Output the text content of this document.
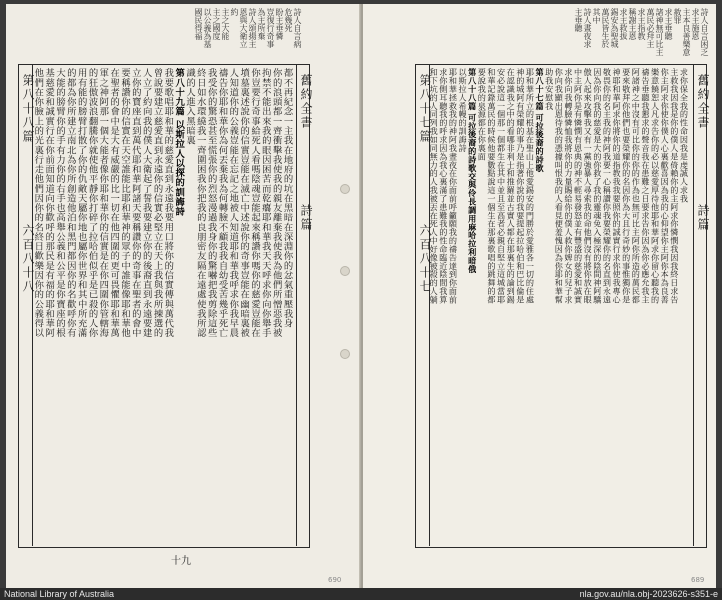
舊約全書
詩篇
第八十八篇
六百八十八	都不再紀念一主我在地府的坑在黑暗在深淵你的忿氣重壓我身
你的浪頭都一齊衝擊我使我的親友離棄我使我為他們所憎惡我被
拘禁不能出來我的眼因困苦而乾癟耶和華我天天呼求你向你舉手
你豈要行奇事給死人看嗎陰魂豈能起來稱讚你嗎你的慈愛豈能在
墳墓裏述說你的信實豈能在滅亡中述說你的奇事豈能在幽暗裏被
人知道你的公義豈能在忘記之地被人知道耶和華我呼求你我早晨
禱告你耶和華你為何丟棄我為何轉臉不顧我我自幼受苦幾乎死亡
我受你的驚恐甚至慌張你的烈怒漫過我身你的驚嚇把我剪除這些
終日如水環繞我一齊圍困我你把我的良朋密友隔在遠處使我所認
識的人進入黑暗裏
第八十九篇 以斯拉人以探的訓誨詩
我要歌唱耶和華的慈愛直到永遠我要用口將你的信實傳與萬代我
曾說要建立慈愛直到永遠你的信實必堅立在天上我與我所揀選的
人立了約向我的僕人大衛起了誓我要建立你的後裔直到永遠要建
立你的寶座直到萬代耶和華阿諸天要稱讚你的奇事在聖者的會中
要稱讚你的信實在天空誰能比耶和華神的眾子中誰能像耶和華他
在聖者的會中是大有威嚴的比一切在他四圍的更可畏懼耶和華萬
軍之神阿那一個大能者像你耶和華你的信實是在你四圍你管轄海
的狂傲波浪翻騰你就使他平靜你打碎了拉哈伯似乎是已殺的人你
用有能的膀臂打散了你的仇敵天屬你地也屬你世界和其中所充滿
的都為你所建立南北為你所創造他泊和黑門都因你的名歡呼你有
大能的膀臂你的手有力你的右手也高舉公義和公平是你寶座的根
基慈愛和誠實行在你前面知道向你歡呼的那民是有福的耶和華阿
他們在你臉上的光裏行走他們因你的名終日歡樂因你的公義得以
詩人自言病
危幾死
盼主垂憐
豈復行奇事
為主所棄
詩人頌揚主
恩與大衛立
約
主之大能
主之國度
以公義為基
國民得福
十九
690
舊約全書
詩篇
第八十七篇
六百八十七
求你保全我的性命因我是虔誠人求我
主救我因我是你的僕人是倚賴你的主阿求你憐憫我因我終日求告
你主阿求你使你僕人心裏歡喜因為我的心仰望你主阿你本為良善
樂意饒恕人凡求告你的必以慈愛厚待他耶和華阿求你留心聽我的
禱告垂聽我懇求的聲音我在患難之日要求告你因為你必應允我主
阿諸神之中沒有可比你的你的作為也無可比主阿你所造的萬民都
要來敬拜你他們也要榮耀你的名因你為大且行奇妙的事惟獨你是
神耶和華阿求你將你的道指教我我要照你的誠實行求你使我專心
敬畏你的名主我的神阿我要一心稱讚你我要榮耀你的名直到永遠
因為你向我的慈愛是大的你救了我的靈魂免入極深的陰間神阿驕
傲人起來攻擊我又有一黨強暴人尋索我的命他們沒有將你放在眼
中主阿你是有憐憫有恩典的神不輕易發怒並有豐盛的慈愛和誠實
求你向我轉臉憐恤我將你的力量賜給你的僕人救你婢女的兒子求
你向我顯出恩待我的憑據叫恨我的人看見便羞愧因為你耶和華幫
助我安慰我
第八十七篇 可拉後裔的詩歌
耶和華所立的根基在聖山上他愛錫安的門勝於愛雅各一切的住處
神的城阿有榮耀的事乃是指著你說的我要提起拉哈伯和巴比倫是
在認識我之中的看哪非利士和推羅並古實人都在那裏生的論到錫
安必說這一個那一個都生在其中並且至高者必親自堅立這城當耶
和華記錄萬民的時候他要數點說這一個生在那裏歌唱的跳舞的都
要說我的泉源都在你裏面
第八十八篇 可拉後裔的詩歌交與伶長調用麻哈拉利暗俄
以斯拉人希幔的訓誨詩
耶和華拯救我的神阿我晝夜在你面前呼籲願我的禱告達到你面前
求你側耳聽我的呼求因為我心裏滿了患難我的性命臨近陰間我算
和下坑的人同列我如同無力的人我被丟在死人中好像被殺的人躺
詩人自言困乏
求主施恩
主本良善樂意
赦罪
求主垂聽
諸神無可比主
萬民必拜主
求主指教
稱謝主恩
求主救拔
錫安為聖城
萬民皆生於
其中
詩人晝夜求
主垂聽
689
National Library of Australia	nla.gov.au/nla.obj-2023626-s351-e
